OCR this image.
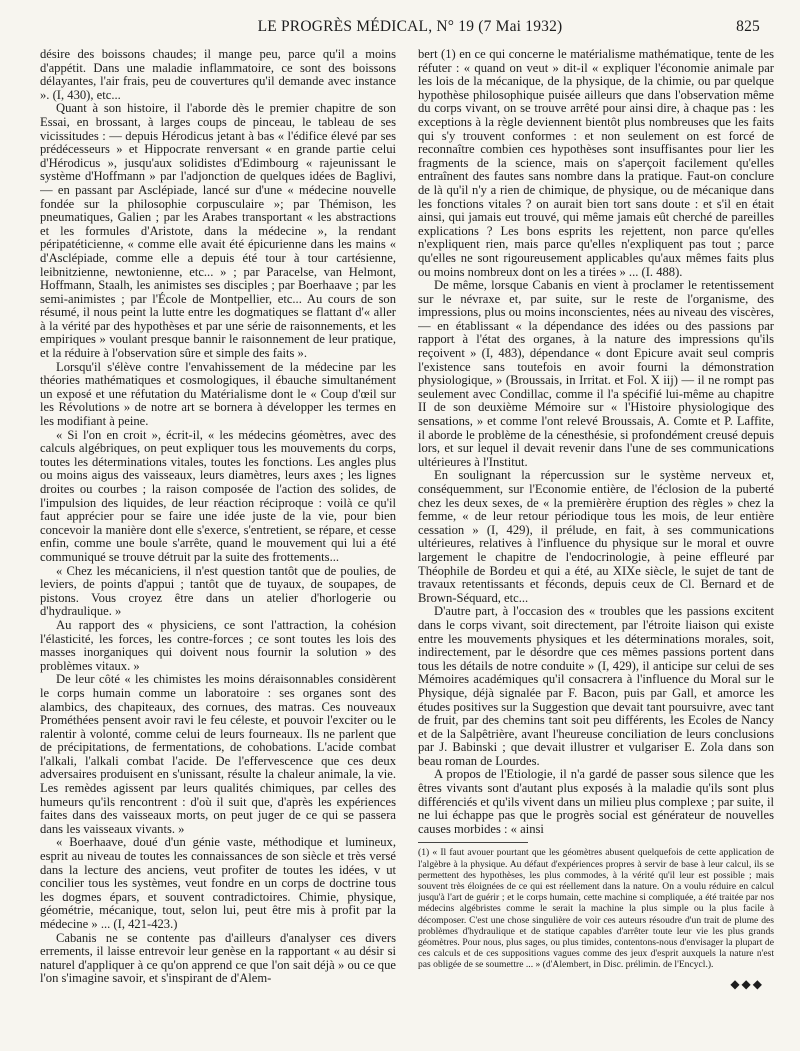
LE PROGRÈS MÉDICAL, N° 19 (7 Mai 1932)	825

désire des boissons chaudes; il mange peu, parce qu'il a moins d'appétit. Dans une maladie inflammatoire, ce sont des boissons délayantes, l'air frais, peu de couvertures qu'il demande avec instance ». (I, 430), etc...

Quant à son histoire, il l'aborde dès le premier chapitre de son Essai, en brossant, à larges coups de pinceau, le tableau de ses vicissitudes : — depuis Hérodicus jetant à bas « l'édifice élevé par ses prédécesseurs » et Hippocrate renversant « en grande partie celui d'Hérodicus », jusqu'aux solidistes d'Edimbourg « rajeunissant le système d'Hoffmann » par l'adjonction de quelques idées de Baglivi, — en passant par Asclépiade, lancé sur d'une « médecine nouvelle fondée sur la philosophie corpusculaire »; par Thémison, les pneumatiques, Galien ; par les Arabes transportant « les abstractions et les formules d'Aristote, dans la médecine », la rendant péripatéticienne, « comme elle avait été épicurienne dans les mains « d'Asclépiade, comme elle a depuis été tour à tour cartésienne, leibnitzienne, newtonienne, etc... » ; par Paracelse, van Helmont, Hoffmann, Staalh, les animistes ses disciples ; par Boerhaave ; par les semi-animistes ; par l'École de Montpellier, etc... Au cours de son résumé, il nous peint la lutte entre les dogmatiques se flattant d'« aller à la vérité par des hypothèses et par une série de raisonnements, et les empiriques » voulant presque bannir le raisonnement de leur pratique, et la réduire à l'observation sûre et simple des faits ».

Lorsqu'il s'élève contre l'envahissement de la médecine par les théories mathématiques et cosmologiques, il ébauche simultanément un exposé et une réfutation du Matérialisme dont le « Coup d'œil sur les Révolutions » de notre art se bornera à développer les termes en les modifiant à peine.

« Si l'on en croit », écrit-il, « les médecins géomètres, avec des calculs algébriques, on peut expliquer tous les mouvements du corps, toutes les déterminations vitales, toutes les fonctions. Les angles plus ou moins aigus des vaisseaux, leurs diamètres, leurs axes ; les lignes droites ou courbes ; la raison composée de l'action des solides, de l'impulsion des liquides, de leur réaction réciproque : voilà ce qu'il faut apprécier pour se faire une idée juste de la vie, pour bien concevoir la manière dont elle s'exerce, s'entretient, se répare, et cesse enfin, comme une boule s'arrête, quand le mouvement qui lui a été communiqué se trouve détruit par la suite des frottements...

« Chez les mécaniciens, il n'est question tantôt que de poulies, de leviers, de points d'appui ; tantôt que de tuyaux, de soupapes, de pistons. Vous croyez être dans un atelier d'horlogerie ou d'hydraulique. »

Au rapport des « physiciens, ce sont l'attraction, la cohésion l'élasticité, les forces, les contre-forces ; ce sont toutes les lois des masses inorganiques qui doivent nous fournir la solution » des problèmes vitaux. »

De leur côté « les chimistes les moins déraisonnables considèrent le corps humain comme un laboratoire : ses organes sont des alambics, des chapiteaux, des cornues, des matras. Ces nouveaux Prométhées pensent avoir ravi le feu céleste, et pouvoir l'exciter ou le ralentir à volonté, comme celui de leurs fourneaux. Ils ne parlent que de précipitations, de fermentations, de cohobations. L'acide combat l'alkali, l'alkali combat l'acide. De l'effervescence que ces deux adversaires produisent en s'unissant, résulte la chaleur animale, la vie. Les remèdes agissent par leurs qualités chimiques, par celles des humeurs qu'ils rencontrent : d'où il suit que, d'après les expériences faites dans des vaisseaux morts, on peut juger de ce qui se passera dans les vaisseaux vivants. »

« Boerhaave, doué d'un génie vaste, méthodique et lumineux, esprit au niveau de toutes les connaissances de son siècle et très versé dans la lecture des anciens, veut profiter de toutes les idées, v ut concilier tous les systèmes, veut fondre en un corps de doctrine tous les dogmes épars, et souvent contradictoires. Chimie, physique, géométrie, mécanique, tout, selon lui, peut être mis à profit par la médecine » ... (I, 421-423.)

Cabanis ne se contente pas d'ailleurs d'analyser ces divers errements, il laisse entrevoir leur genèse en la rapportant « au désir si naturel d'appliquer à ce qu'on apprend ce que l'on sait déjà » ou ce que l'on s'imagine savoir, et s'inspirant de d'Alem-

bert (1) en ce qui concerne le matérialisme mathématique, tente de les réfuter : « quand on veut » dit-il « expliquer l'économie animale par les lois de la mécanique, de la physique, de la chimie, ou par quelque hypothèse philosophique puisée ailleurs que dans l'observation même du corps vivant, on se trouve arrêté pour ainsi dire, à chaque pas : les exceptions à la règle deviennent bientôt plus nombreuses que les faits qui s'y trouvent conformes : et non seulement on est forcé de reconnaître combien ces hypothèses sont insuffisantes pour lier les fragments de la science, mais on s'aperçoit facilement qu'elles entraînent des fautes sans nombre dans la pratique. Faut-on conclure de là qu'il n'y a rien de chimique, de physique, ou de mécanique dans les fonctions vitales ? on aurait bien tort sans doute : et s'il en était ainsi, qui jamais eut trouvé, qui même jamais eût cherché de pareilles explications ? Les bons esprits les rejettent, non parce qu'elles n'expliquent rien, mais parce qu'elles n'expliquent pas tout ; parce qu'elles ne sont rigoureusement applicables qu'aux mêmes faits plus ou moins nombreux dont on les a tirées » ... (I. 488).

De même, lorsque Cabanis en vient à proclamer le retentissement sur le névraxe et, par suite, sur le reste de l'organisme, des impressions, plus ou moins inconscientes, nées au niveau des viscères, — en établissant « la dépendance des idées ou des passions par rapport à l'état des organes, à la nature des impressions qu'ils reçoivent » (I, 483), dépendance « dont Epicure avait seul compris l'existence sans toutefois en avoir fourni la démonstration physiologique, » (Broussais, in Irritat. et Fol. X iij) — il ne rompt pas seulement avec Condillac, comme il l'a spécifié lui-même au chapitre II de son deuxième Mémoire sur « l'Histoire physiologique des sensations, » et comme l'ont relevé Broussais, A. Comte et P. Laffite, il aborde le problème de la cénesthésie, si profondément creusé depuis lors, et sur lequel il devait revenir dans l'une de ses communications ultérieures à l'Institut.

En soulignant la répercussion sur le système nerveux et, conséquemment, sur l'Economie entière, de l'éclosion de la puberté chez les deux sexes, de « la premièrère éruption des règles » chez la femme, « de leur retour périodique tous les mois, de leur entière cessation » (I, 429), il prélude, en fait, à ses communications ultérieures, relatives à l'influence du physique sur le moral et ouvre largement le chapitre de l'endocrinologie, à peine effleuré par Théophile de Bordeu et qui a été, au XIXe siècle, le sujet de tant de travaux retentissants et féconds, depuis ceux de Cl. Bernard et de Brown-Séquard, etc...

D'autre part, à l'occasion des « troubles que les passions excitent dans le corps vivant, soit directement, par l'étroite liaison qui existe entre les mouvements physiques et les déterminations morales, soit, indirectement, par le désordre que ces mêmes passions portent dans tous les détails de notre conduite » (I, 429), il anticipe sur celui de ses Mémoires académiques qu'il consacrera à l'influence du Moral sur le Physique, déjà signalée par F. Bacon, puis par Gall, et amorce les études positives sur la Suggestion que devait tant poursuivre, avec tant de fruit, par des chemins tant soit peu différents, les Ecoles de Nancy et de la Salpêtrière, avant l'heureuse conciliation de leurs conclusions par J. Babinski ; que devait illustrer et vulgariser E. Zola dans son beau roman de Lourdes.

A propos de l'Etiologie, il n'a gardé de passer sous silence que les êtres vivants sont d'autant plus exposés à la maladie qu'ils sont plus différenciés et qu'ils vivent dans un milieu plus complexe ; par suite, il ne lui échappe pas que le progrès social est générateur de nouvelles causes morbides : « ainsi

(1) « Il faut avouer pourtant que les géomètres abusent quelquefois de cette application de l'algèbre à la physique. Au défaut d'expériences propres à servir de base à leur calcul, ils se permettent des hypothèses, les plus commodes, à la vérité qu'il leur est possible ; mais souvent très éloignées de ce qui est réellement dans la nature. On a voulu réduire en calcul jusqu'à l'art de guérir ; et le corps humain, cette machine si compliquée, a été traitée par nos médecins algébristes comme le serait la machine la plus simple ou la plus facile à décomposer. C'est une chose singulière de voir ces auteurs résoudre d'un trait de plume des problèmes d'hydraulique et de statique capables d'arrêter toute leur vie les plus grands géomètres. Pour nous, plus sages, ou plus timides, contentons-nous d'envisager la plupart de ces calculs et de ces suppositions vagues comme des jeux d'esprit auxquels la nature n'est pas obligée de se soumettre ... » (d'Alembert, in Disc. prélimin. de l'Encycl.).

◆◆◆
